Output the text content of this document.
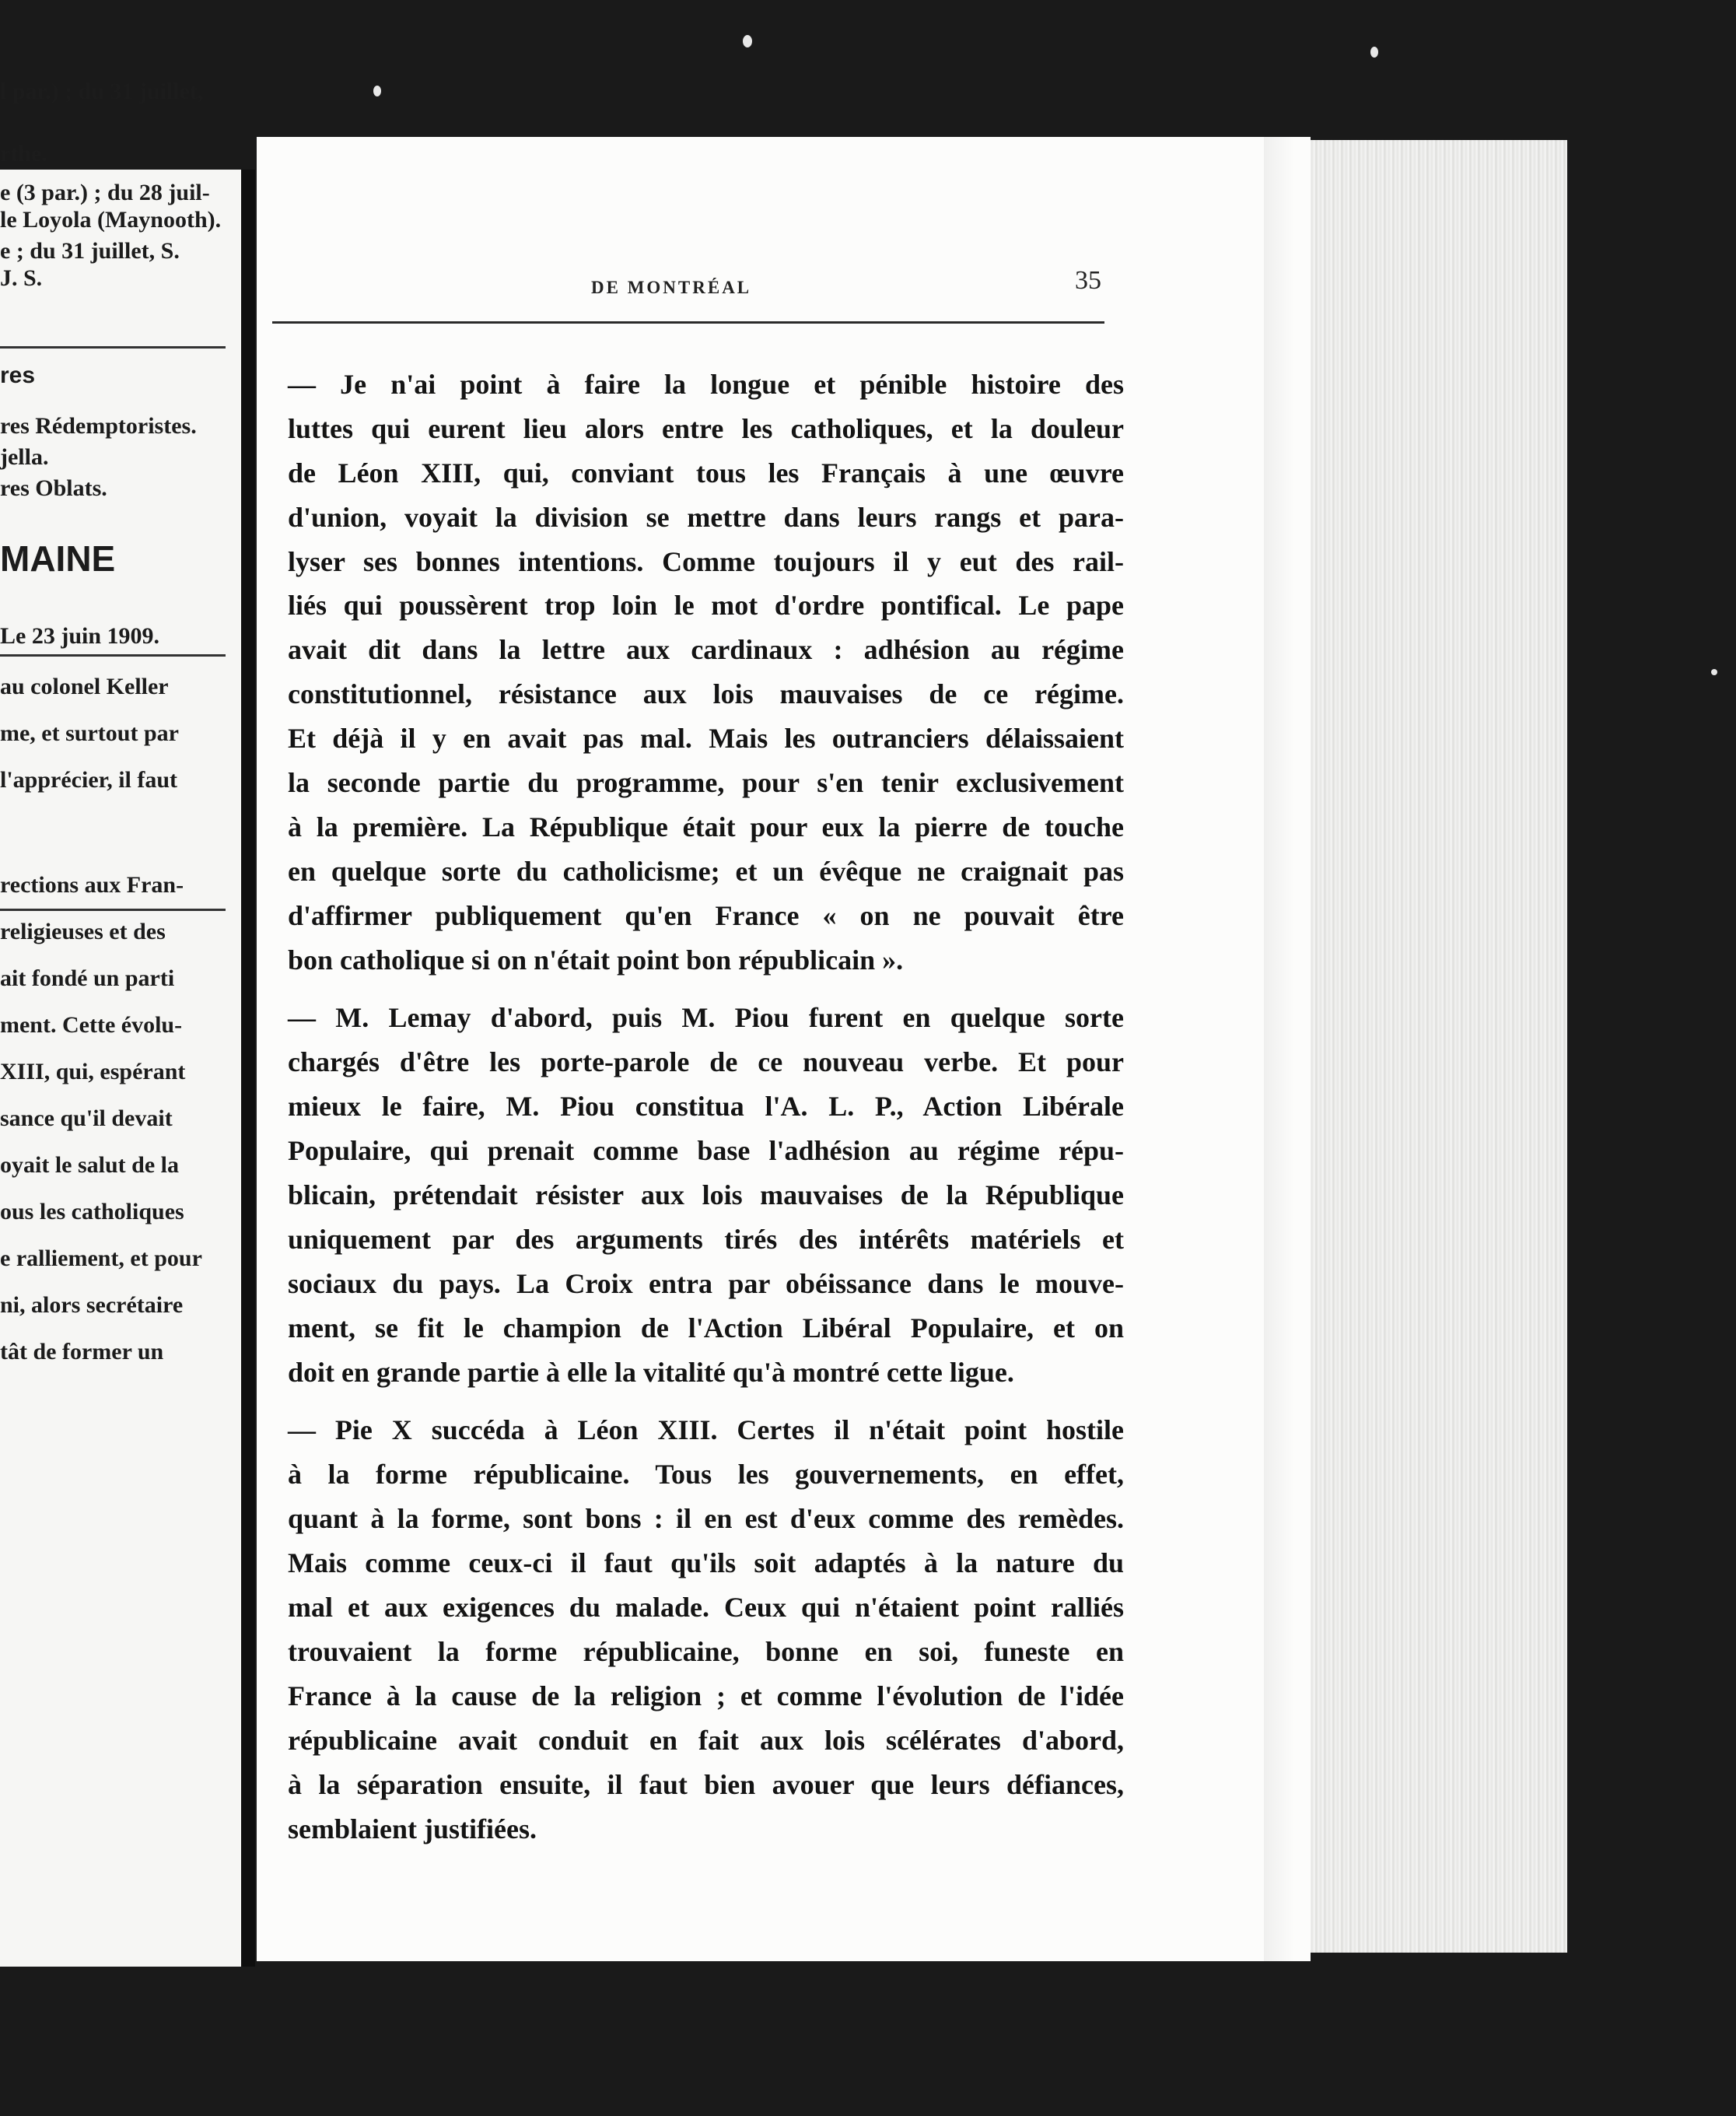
l par.) ; du 31 juillet,
rthe.
e (3 par.) ; du 28 juil-
le Loyola (Maynooth).
e ; du 31 juillet, S.
J. S.
res
res Rédemptoristes.
jella.
res Oblats.
MAINE
Le 23 juin 1909.
au colonel Keller
me, et surtout par
l'apprécier, il faut
rections aux Fran-
religieuses et des
ait fondé un parti
ment. Cette évolu-
XIII, qui, espérant
sance qu'il devait
oyait le salut de la
ous les catholiques
e ralliement, et pour
ni, alors secrétaire
tât de former un
DE MONTRÉAL	35
— Je n'ai point à faire la longue et pénible histoire des
luttes qui eurent lieu alors entre les catholiques, et la douleur
de Léon XIII, qui, conviant tous les Français à une œuvre
d'union, voyait la division se mettre dans leurs rangs et para-
lyser ses bonnes intentions. Comme toujours il y eut des rail-
liés qui poussèrent trop loin le mot d'ordre pontifical. Le pape
avait dit dans la lettre aux cardinaux : adhésion au régime
constitutionnel, résistance aux lois mauvaises de ce régime.
Et déjà il y en avait pas mal. Mais les outranciers délaissaient
la seconde partie du programme, pour s'en tenir exclusivement
à la première. La République était pour eux la pierre de touche
en quelque sorte du catholicisme; et un évêque ne craignait pas
d'affirmer publiquement qu'en France « on ne pouvait être
bon catholique si on n'était point bon républicain ».
— M. Lemay d'abord, puis M. Piou furent en quelque sorte
chargés d'être les porte-parole de ce nouveau verbe. Et pour
mieux le faire, M. Piou constitua l'A. L. P., Action Libérale
Populaire, qui prenait comme base l'adhésion au régime répu-
blicain, prétendait résister aux lois mauvaises de la République
uniquement par des arguments tirés des intérêts matériels et
sociaux du pays. La Croix entra par obéissance dans le mouve-
ment, se fit le champion de l'Action Libéral Populaire, et on
doit en grande partie à elle la vitalité qu'à montré cette ligue.
— Pie X succéda à Léon XIII. Certes il n'était point hostile
à la forme républicaine. Tous les gouvernements, en effet,
quant à la forme, sont bons : il en est d'eux comme des remèdes.
Mais comme ceux-ci il faut qu'ils soit adaptés à la nature du
mal et aux exigences du malade. Ceux qui n'étaient point ralliés
trouvaient la forme républicaine, bonne en soi, funeste en
France à la cause de la religion ; et comme l'évolution de l'idée
républicaine avait conduit en fait aux lois scélérates d'abord,
à la séparation ensuite, il faut bien avouer que leurs défiances,
semblaient justifiées.
